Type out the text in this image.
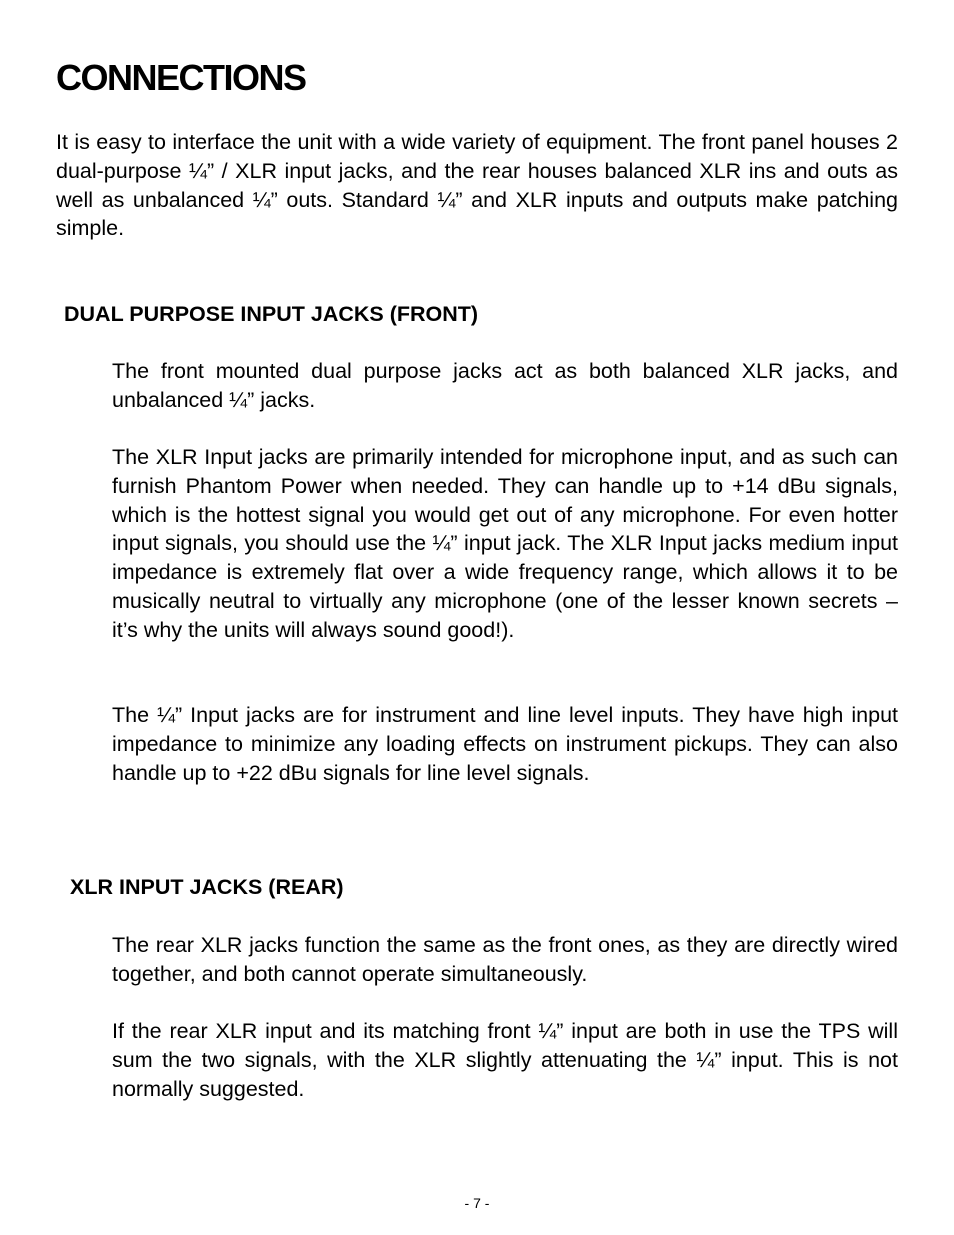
CONNECTIONS

It is easy to interface the unit with a wide variety of equipment. The front panel houses 2 dual-purpose ¼” / XLR input jacks, and the rear houses balanced XLR ins and outs as well as unbalanced ¼” outs. Standard ¼” and XLR inputs and outputs make patching simple.

DUAL PURPOSE INPUT JACKS (FRONT)

The front mounted dual purpose jacks act as both balanced XLR jacks, and unbalanced ¼” jacks.

The XLR Input jacks are primarily intended for microphone input, and as such can furnish Phantom Power when needed. They can handle up to +14 dBu signals, which is the hottest signal you would get out of any microphone. For even hotter input signals, you should use the ¼” input jack. The XLR Input jacks medium input impedance is extremely flat over a wide frequency range, which allows it to be musically neutral to virtually any microphone (one of the lesser known secrets – it’s why the units will always sound good!).

The ¼” Input jacks are for instrument and line level inputs. They have high input impedance to minimize any loading effects on instrument pickups. They can also handle up to +22 dBu signals for line level signals.

XLR INPUT JACKS (REAR)

The rear XLR jacks function the same as the front ones, as they are directly wired together, and both cannot operate simultaneously.

If the rear XLR input and its matching front ¼” input are both in use the TPS will sum the two signals, with the XLR slightly attenuating the ¼” input. This is not normally suggested.

- 7 -
